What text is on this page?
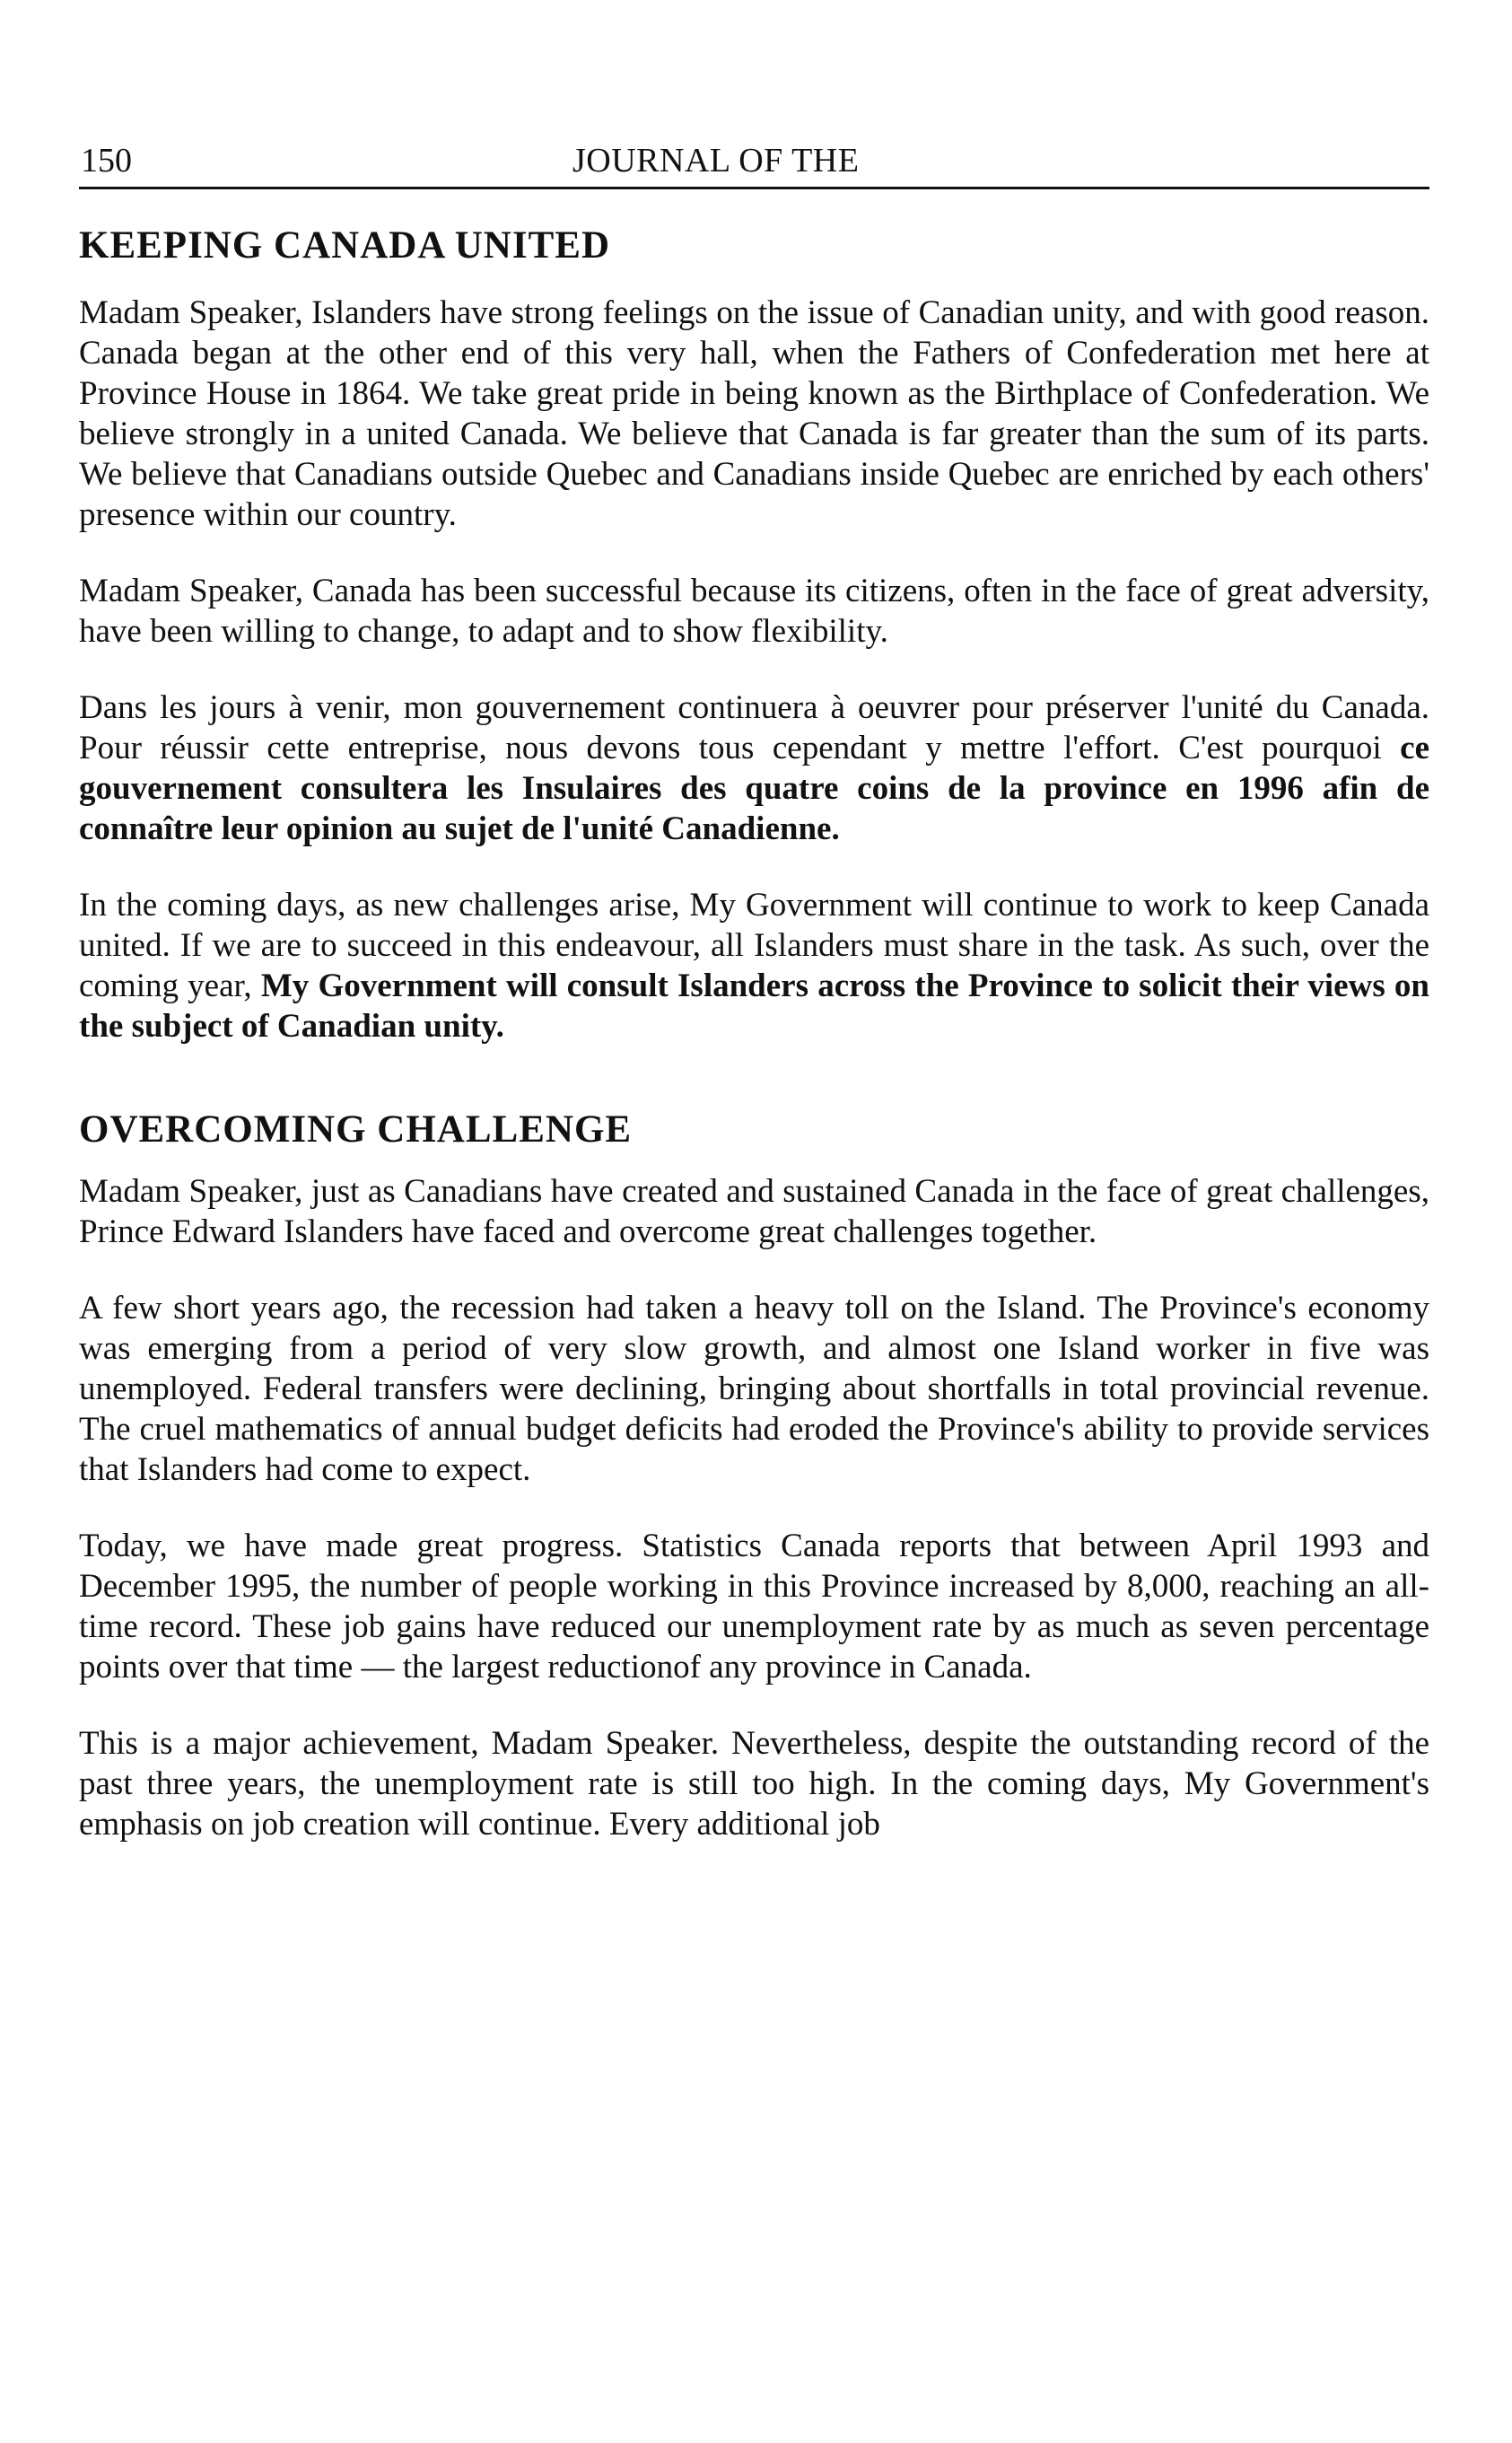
150	JOURNAL OF THE
KEEPING CANADA UNITED

Madam Speaker, Islanders have strong feelings on the issue of Canadian unity, and with good reason. Canada began at the other end of this very hall, when the Fathers of Confederation met here at Province House in 1864. We take great pride in being known as the Birthplace of Confederation. We believe strongly in a united Canada. We believe that Canada is far greater than the sum of its parts. We believe that Canadians outside Quebec and Canadians inside Quebec are enriched by each others' presence within our country.

Madam Speaker, Canada has been successful because its citizens, often in the face of great adversity, have been willing to change, to adapt and to show flexibility.

Dans les jours à venir, mon gouvernement continuera à oeuvrer pour préserver l'unité du Canada. Pour réussir cette entreprise, nous devons tous cependant y mettre l'effort. C'est pourquoi ce gouvernement consultera les Insulaires des quatre coins de la province en 1996 afin de connaître leur opinion au sujet de l'unité Canadienne.

In the coming days, as new challenges arise, My Government will continue to work to keep Canada united. If we are to succeed in this endeavour, all Islanders must share in the task. As such, over the coming year, My Government will consult Islanders across the Province to solicit their views on the subject of Canadian unity.

OVERCOMING CHALLENGE

Madam Speaker, just as Canadians have created and sustained Canada in the face of great challenges, Prince Edward Islanders have faced and overcome great challenges together.

A few short years ago, the recession had taken a heavy toll on the Island. The Province's economy was emerging from a period of very slow growth, and almost one Island worker in five was unemployed. Federal transfers were declining, bringing about shortfalls in total provincial revenue. The cruel mathematics of annual budget deficits had eroded the Province's ability to provide services that Islanders had come to expect.

Today, we have made great progress. Statistics Canada reports that between April 1993 and December 1995, the number of people working in this Province increased by 8,000, reaching an all-time record. These job gains have reduced our unemployment rate by as much as seven percentage points over that time — the largest reductionof any province in Canada.

This is a major achievement, Madam Speaker. Nevertheless, despite the outstanding record of the past three years, the unemployment rate is still too high. In the coming days, My Government's emphasis on job creation will continue. Every additional job
